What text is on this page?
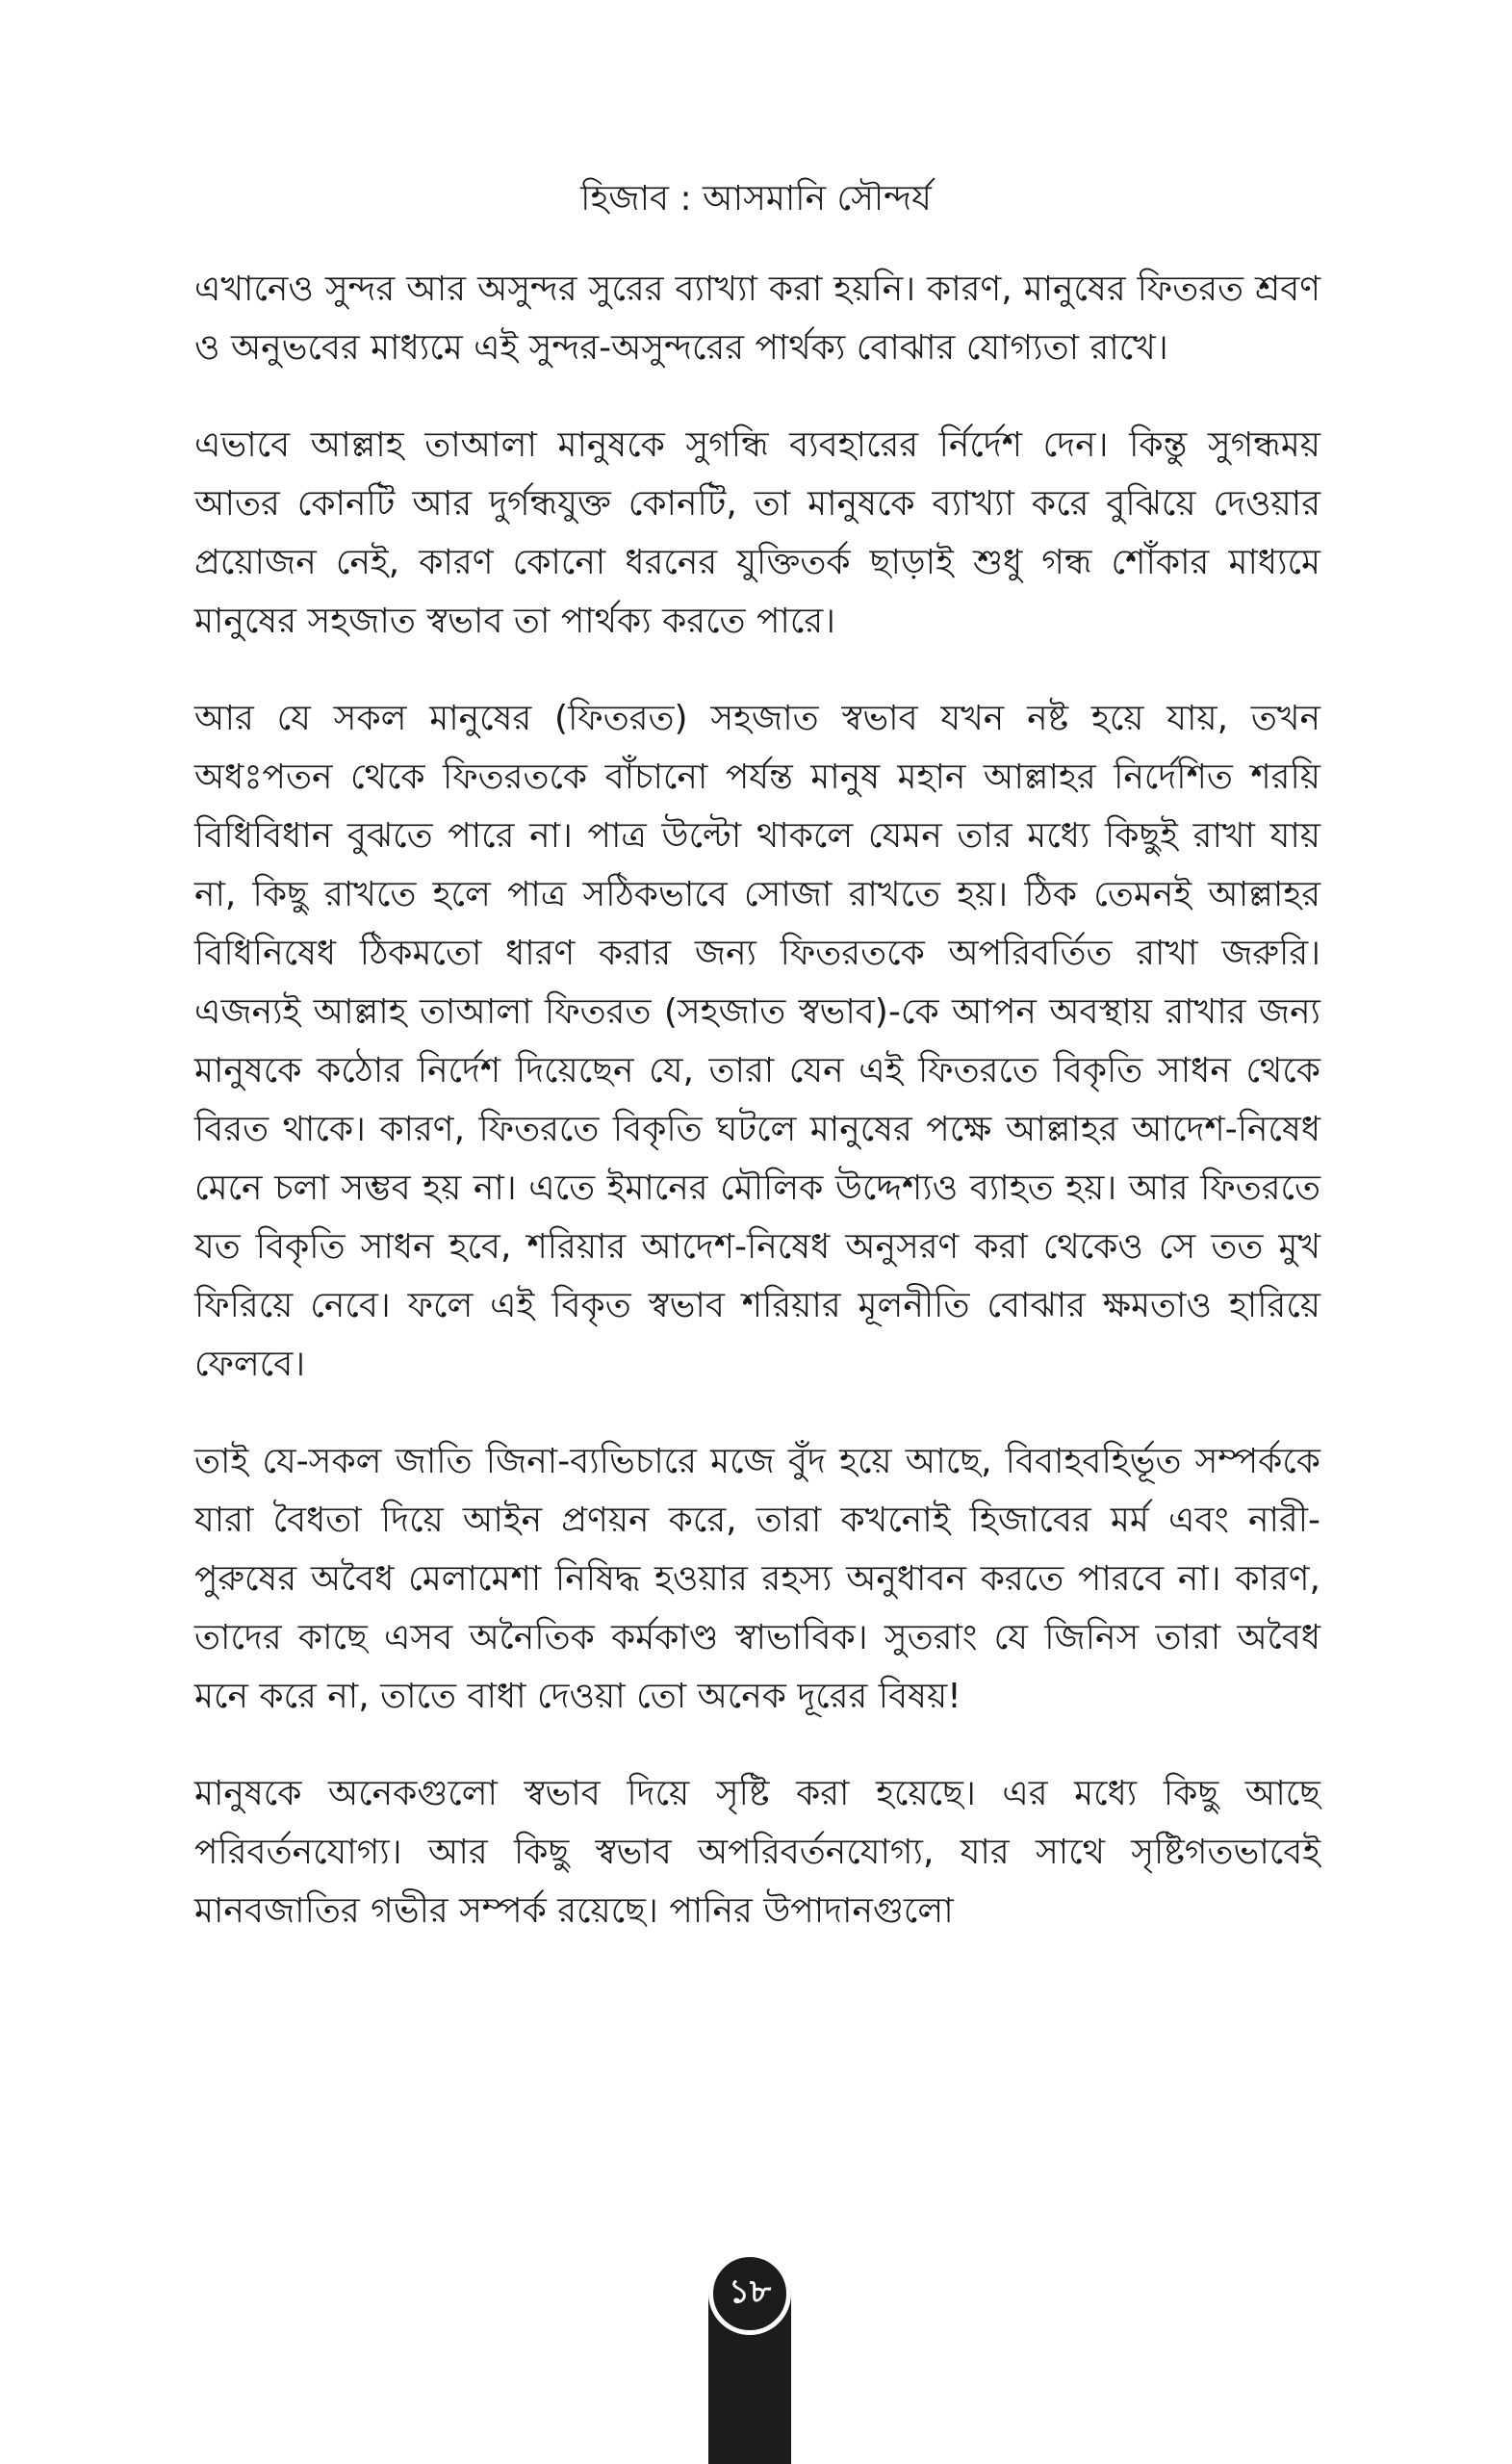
হিজাব : আসমানি সৌন্দর্য

এখানেও সুন্দর আর অসুন্দর সুরের ব্যাখ্যা করা হয়নি। কারণ, মানুষের ফিতরত শ্রবণ ও অনুভবের মাধ্যমে এই সুন্দর-অসুন্দরের পার্থক্য বোঝার যোগ্যতা রাখে।

এভাবে আল্লাহ তাআলা মানুষকে সুগন্ধি ব্যবহারের র্নির্দেশ দেন। কিন্তু সুগন্ধময় আতর কোনটি আর দুর্গন্ধযুক্ত কোনটি, তা মানুষকে ব্যাখ্যা করে বুঝিয়ে দেওয়ার প্রয়োজন নেই, কারণ কোনো ধরনের যুক্তিতর্ক ছাড়াই শুধু গন্ধ শোঁকার মাধ্যমে মানুষের সহজাত স্বভাব তা পার্থক্য করতে পারে।

আর যে সকল মানুষের (ফিতরত) সহজাত স্বভাব যখন নষ্ট হয়ে যায়, তখন অধঃপতন থেকে ফিতরতকে বাঁচানো পর্যন্ত মানুষ মহান আল্লাহর নির্দেশিত শরয়ি বিধিবিধান বুঝতে পারে না। পাত্র উল্টো থাকলে যেমন তার মধ্যে কিছুই রাখা যায় না, কিছু রাখতে হলে পাত্র সঠিকভাবে সোজা রাখতে হয়। ঠিক তেমনই আল্লাহর বিধিনিষেধ ঠিকমতো ধারণ করার জন্য ফিতরতকে অপরিবর্তিত রাখা জরুরি। এজন্যই আল্লাহ তাআলা ফিতরত (সহজাত স্বভাব)-কে আপন অবস্থায় রাখার জন্য মানুষকে কঠোর নির্দেশ দিয়েছেন যে, তারা যেন এই ফিতরতে বিকৃতি সাধন থেকে বিরত থাকে। কারণ, ফিতরতে বিকৃতি ঘটলে মানুষের পক্ষে আল্লাহর আদেশ-নিষেধ মেনে চলা সম্ভব হয় না। এতে ইমানের মৌলিক উদ্দেশ্যও ব্যাহত হয়। আর ফিতরতে যত বিকৃতি সাধন হবে, শরিয়ার আদেশ-নিষেধ অনুসরণ করা থেকেও সে তত মুখ ফিরিয়ে নেবে। ফলে এই বিকৃত স্বভাব শরিয়ার মূলনীতি বোঝার ক্ষমতাও হারিয়ে ফেলবে।

তাই যে-সকল জাতি জিনা-ব্যভিচারে মজে বুঁদ হয়ে আছে, বিবাহবহির্ভূত সম্পর্ককে যারা বৈধতা দিয়ে আইন প্রণয়ন করে, তারা কখনোই হিজাবের মর্ম এবং নারী-পুরুষের অবৈধ মেলামেশা নিষিদ্ধ হওয়ার রহস্য অনুধাবন করতে পারবে না। কারণ, তাদের কাছে এসব অনৈতিক কর্মকাণ্ড স্বাভাবিক। সুতরাং যে জিনিস তারা অবৈধ মনে করে না, তাতে বাধা দেওয়া তো অনেক দূরের বিষয়!

মানুষকে অনেকগুলো স্বভাব দিয়ে সৃষ্টি করা হয়েছে। এর মধ্যে কিছু আছে পরিবর্তনযোগ্য। আর কিছু স্বভাব অপরিবর্তনযোগ্য, যার সাথে সৃষ্টিগতভাবেই মানবজাতির গভীর সম্পর্ক রয়েছে। পানির উপাদানগুলো

১৮
